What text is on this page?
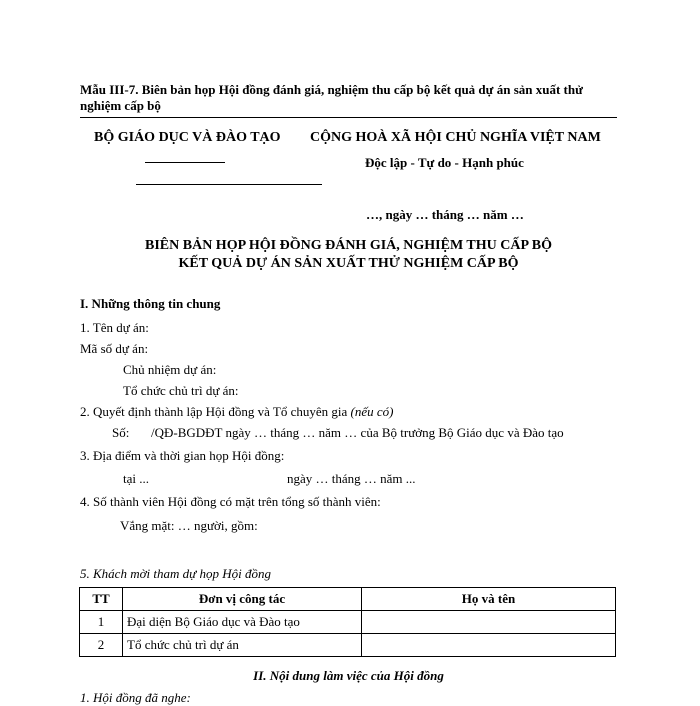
Mẫu III-7. Biên bản họp Hội đồng đánh giá, nghiệm thu cấp bộ kết quả dự án sản xuất thử
nghiệm cấp bộ
BỘ GIÁO DỤC VÀ ĐÀO TẠO CỘNG HOÀ XÃ HỘI CHỦ NGHĨA VIỆT NAM
Độc lập - Tự do - Hạnh phúc
…, ngày … tháng … năm …
BIÊN BẢN HỌP HỘI ĐỒNG ĐÁNH GIÁ, NGHIỆM THU CẤP BỘ
KẾT QUẢ DỰ ÁN SẢN XUẤT THỬ NGHIỆM CẤP BỘ
I. Những thông tin chung
1. Tên dự án:
Mã số dự án:
Chủ nhiệm dự án:
Tổ chức chủ trì dự án:
2. Quyết định thành lập Hội đồng và Tổ chuyên gia (nếu có)
Số: /QĐ-BGDĐT ngày … tháng … năm … của Bộ trưởng Bộ Giáo dục và Đào tạo
3. Địa điểm và thời gian họp Hội đồng:
tại ...	ngày … tháng … năm ...
4. Số thành viên Hội đồng có mặt trên tổng số thành viên:
Vắng mặt: … người, gồm:
5. Khách mời tham dự họp Hội đồng
TT	Đơn vị công tác	Họ và tên
1	Đại diện Bộ Giáo dục và Đào tạo	
2	Tổ chức chủ trì dự án	
II. Nội dung làm việc của Hội đồng
1. Hội đồng đã nghe:
